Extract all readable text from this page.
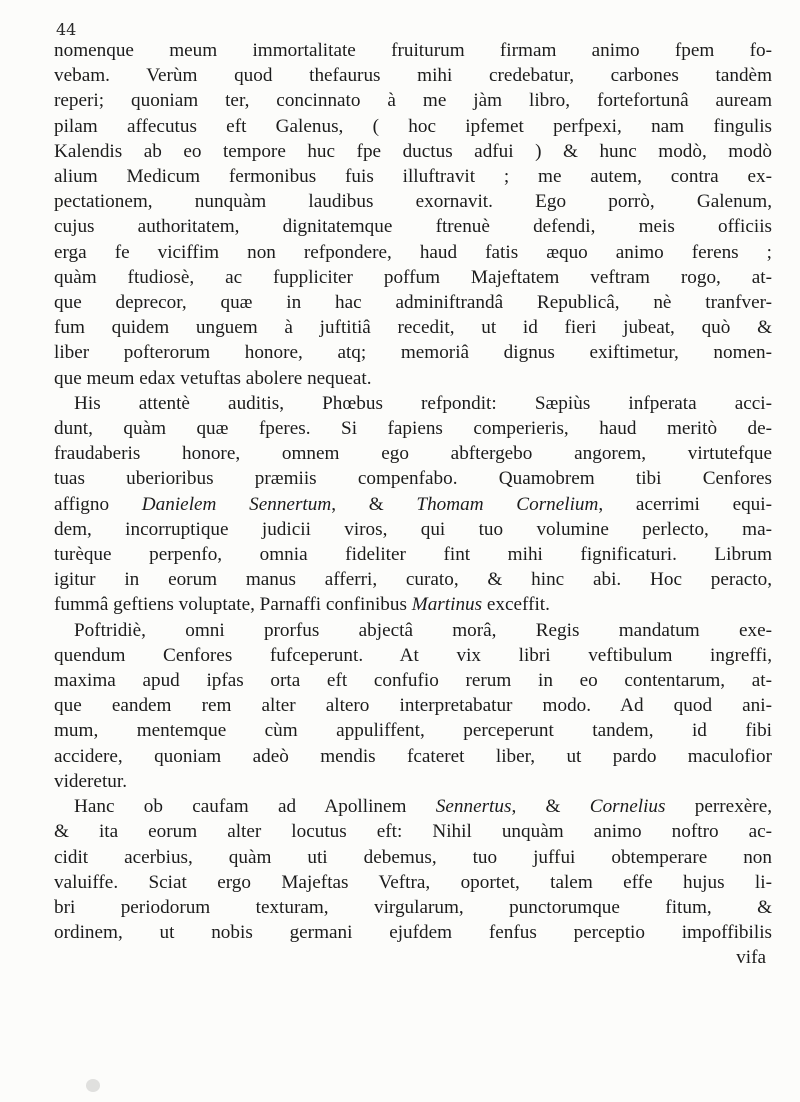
44
nomenque meum immortalitate fruiturum firmam animo fpem fo-
vebam. Verùm quod thefaurus mihi credebatur, carbones tandèm
reperi; quoniam ter, concinnato à me jàm libro, fortefortunâ auream
pilam affecutus eft Galenus, ( hoc ipfemet perfpexi, nam fingulis
Kalendis ab eo tempore huc fpe ductus adfui ) & hunc modò, modò
alium Medicum fermonibus fuis illuftravit ; me autem, contra ex-
pectationem, nunquàm laudibus exornavit. Ego porrò, Galenum,
cujus authoritatem, dignitatemque ftrenuè defendi, meis officiis
erga fe viciffim non refpondere, haud fatis æquo animo ferens ;
quàm ftudiosè, ac fuppliciter poffum Majeftatem veftram rogo, at-
que deprecor, quæ in hac adminiftrandâ Republicâ, nè tranfver-
fum quidem unguem à juftitiâ recedit, ut id fieri jubeat, quò &
liber pofterorum honore, atq; memoriâ dignus exiftimetur, nomen-
que meum edax vetuftas abolere nequeat.
His attentè auditis, Phœbus refpondit: Sæpiùs infperata acci-
dunt, quàm quæ fperes. Si fapiens comperieris, haud meritò de-
fraudaberis honore, omnem ego abftergebo angorem, virtutefque
tuas uberioribus præmiis compenfabo. Quamobrem tibi Cenfores
affigno Danielem Sennertum, & Thomam Cornelium, acerrimi equi-
dem, incorruptique judicii viros, qui tuo volumine perlecto, ma-
turèque perpenfo, omnia fideliter fint mihi fignificaturi. Librum
igitur in eorum manus afferri, curato, & hinc abi. Hoc peracto,
fummâ geftiens voluptate, Parnaffi confinibus Martinus exceffit.
Poftridiè, omni prorfus abjectâ morâ, Regis mandatum exe-
quendum Cenfores fufceperunt. At vix libri veftibulum ingreffi,
maxima apud ipfas orta eft confufio rerum in eo contentarum, at-
que eandem rem alter altero interpretabatur modo. Ad quod ani-
mum, mentemque cùm appuliffent, perceperunt tandem, id fibi
accidere, quoniam adeò mendis fcateret liber, ut pardo maculofior
videretur.
Hanc ob caufam ad Apollinem Sennertus, & Cornelius perrexère,
& ita eorum alter locutus eft: Nihil unquàm animo noftro ac-
cidit acerbius, quàm uti debemus, tuo juffui obtemperare non
valuiffe. Sciat ergo Majeftas Veftra, oportet, talem effe hujus li-
bri periodorum texturam, virgularum, punctorumque fitum, &
ordinem, ut nobis germani ejufdem fenfus perceptio impoffibilis
vifa
